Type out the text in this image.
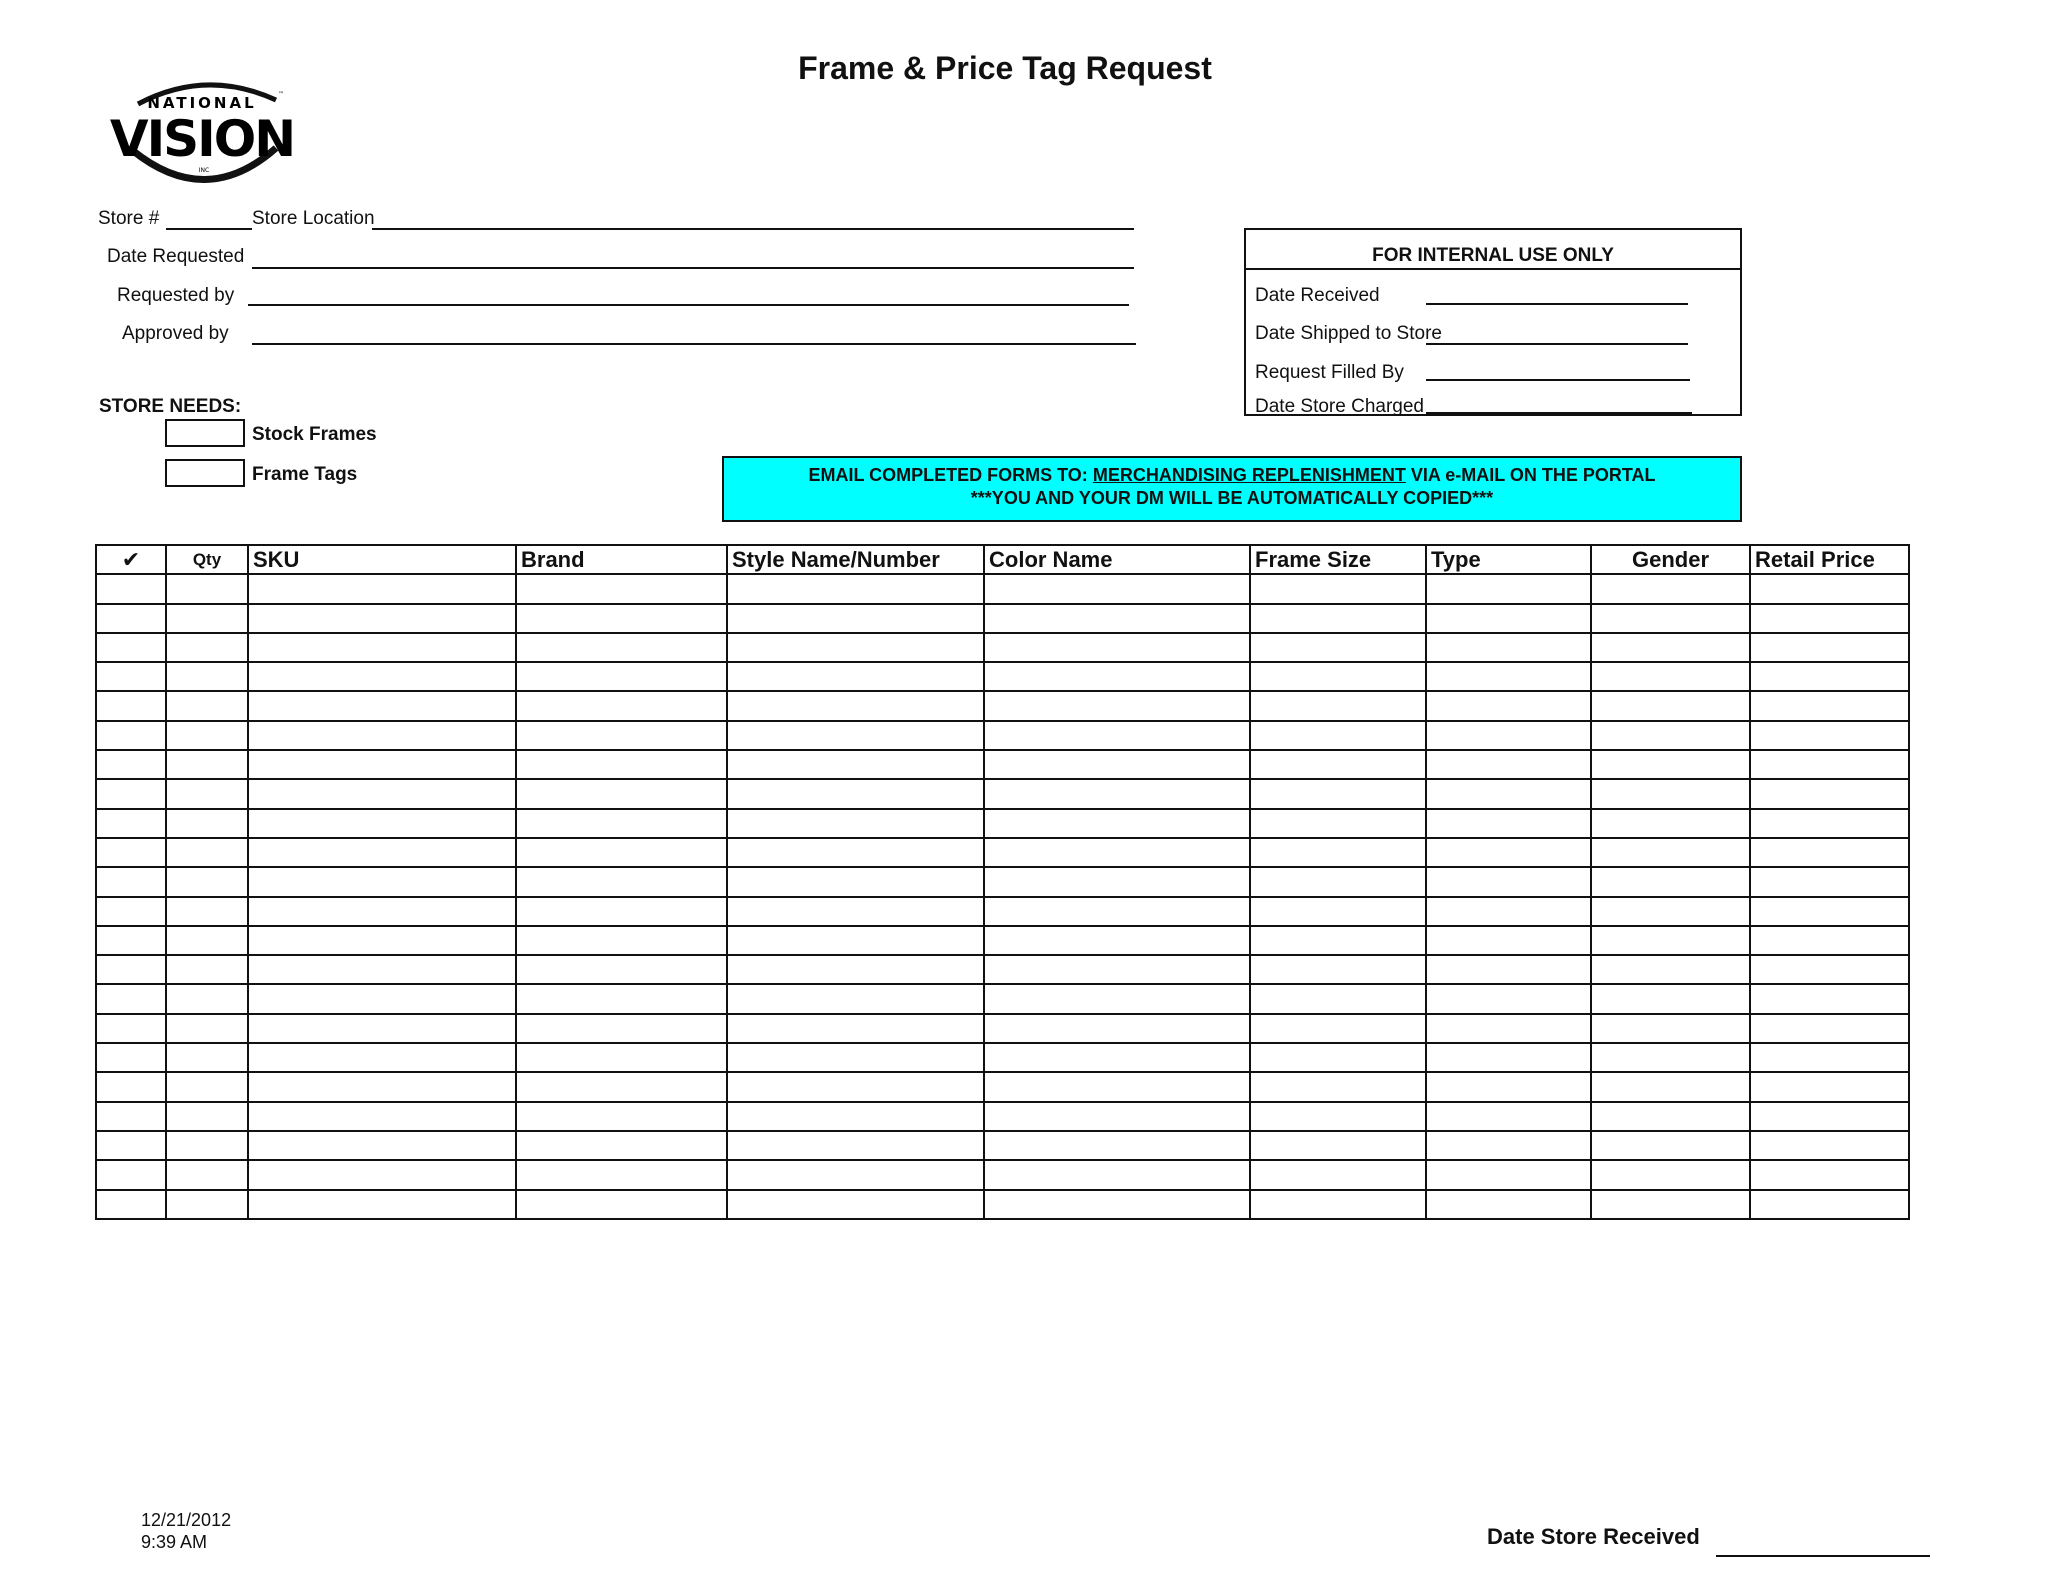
Frame & Price Tag Request
NATIONAL
VISION
INC
™
Store #	Store Location
Date Requested
Requested by
Approved by
FOR INTERNAL USE ONLY
Date Received
Date Shipped to Store
Request Filled By
Date Store Charged
STORE NEEDS:
Stock Frames
Frame Tags	EMAIL COMPLETED FORMS TO: MERCHANDISING REPLENISHMENT VIA e-MAIL ON THE PORTAL
***YOU AND YOUR DM WILL BE AUTOMATICALLY COPIED***
✔	Qty	SKU	Brand	Style Name/Number	Color Name	Frame Size	Type	Gender	Retail Price

12/21/2012
9:39 AM	Date Store Received
